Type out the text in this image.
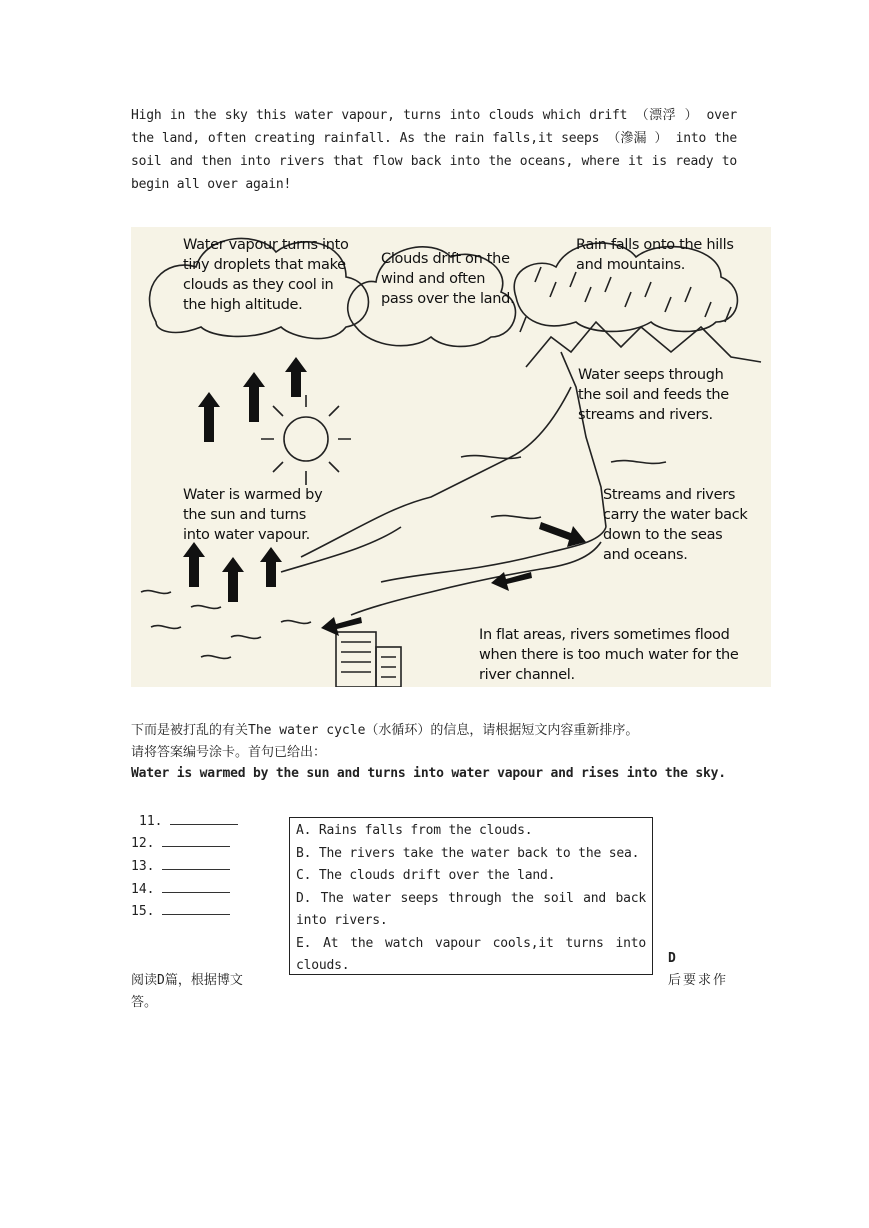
High in the sky this water vapour, turns into clouds which drift （漂浮 ） over the land, often creating rainfall. As the rain falls,it seeps （滲漏 ） into the soil and then into rivers that flow back into the oceans, where it is ready to begin all over again!
Water vapour turns into tiny droplets that make clouds as they cool in the high altitude.
Clouds drift on the wind and often pass over the land.
Rain falls onto the hills and mountains.
Water seeps through the soil and feeds the streams and rivers.
Water is warmed by the sun and turns into water vapour.
Streams and rivers carry the water back down to the seas and oceans.
In flat areas, rivers sometimes flood when there is too much water for the river channel.
下而是被打乱的有关The water cycle（水循环）的信息，请根据短文内容重新排序。
请将答案编号涂卡。首句已给出：
Water is warmed by the sun and turns into water vapour and rises into the sky.
11.
12.
13.
14.
15.
A. Rains falls from the clouds.
B. The rivers take the water back to the sea.
C. The clouds drift over the land.
D. The water seeps through the soil and back into rivers.
E. At the watch vapour cools,it turns into clouds.	D
阅读D篇，根据博文	后要求作
答。
